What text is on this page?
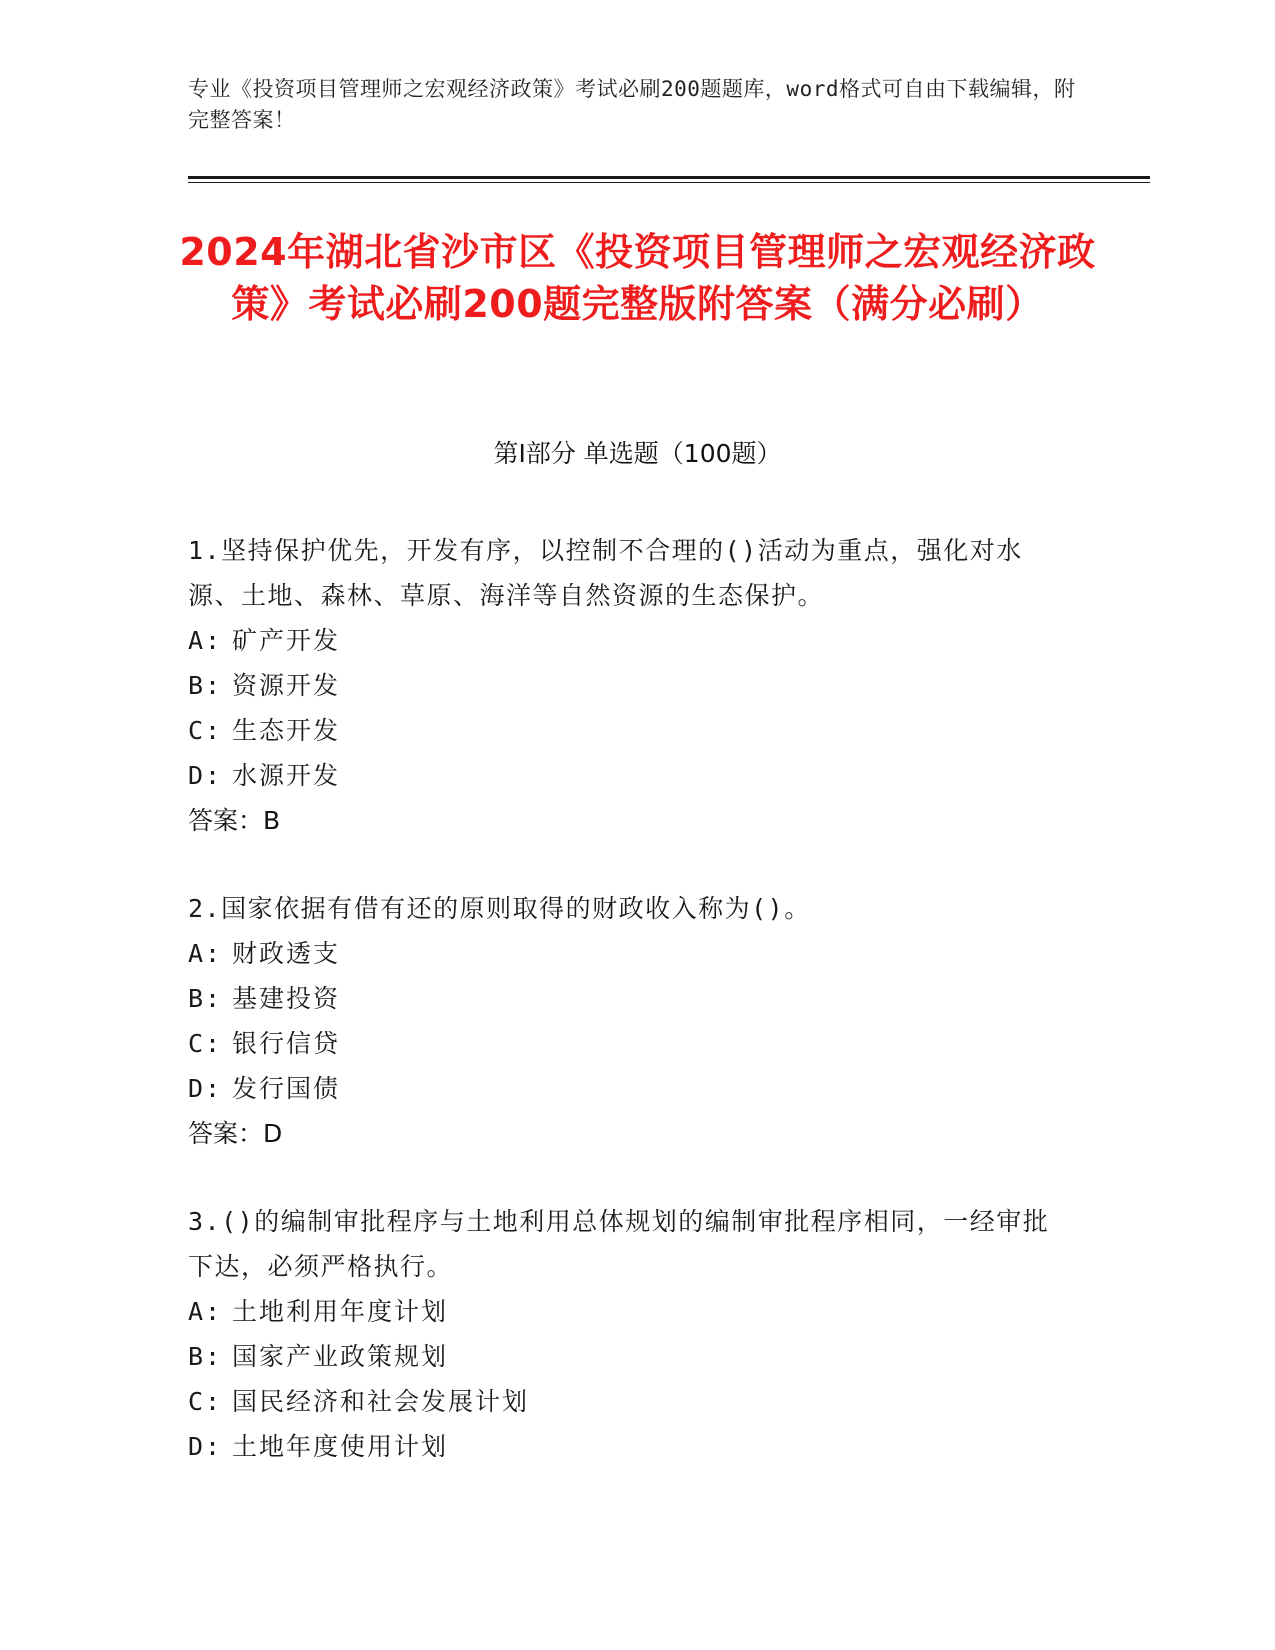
专业《投资项目管理师之宏观经济政策》考试必刷200题题库，word格式可自由下载编辑，附完整答案！
2024年湖北省沙市区《投资项目管理师之宏观经济政策》考试必刷200题完整版附答案（满分必刷）
第I部分 单选题（100题）
1.坚持保护优先，开发有序，以控制不合理的()活动为重点，强化对水源、土地、森林、草原、海洋等自然资源的生态保护。
A: 矿产开发
B: 资源开发
C: 生态开发
D: 水源开发
答案：B
2.国家依据有借有还的原则取得的财政收入称为()。
A: 财政透支
B: 基建投资
C: 银行信贷
D: 发行国债
答案：D
3.()的编制审批程序与土地利用总体规划的编制审批程序相同，一经审批下达，必须严格执行。
A: 土地利用年度计划
B: 国家产业政策规划
C: 国民经济和社会发展计划
D: 土地年度使用计划
